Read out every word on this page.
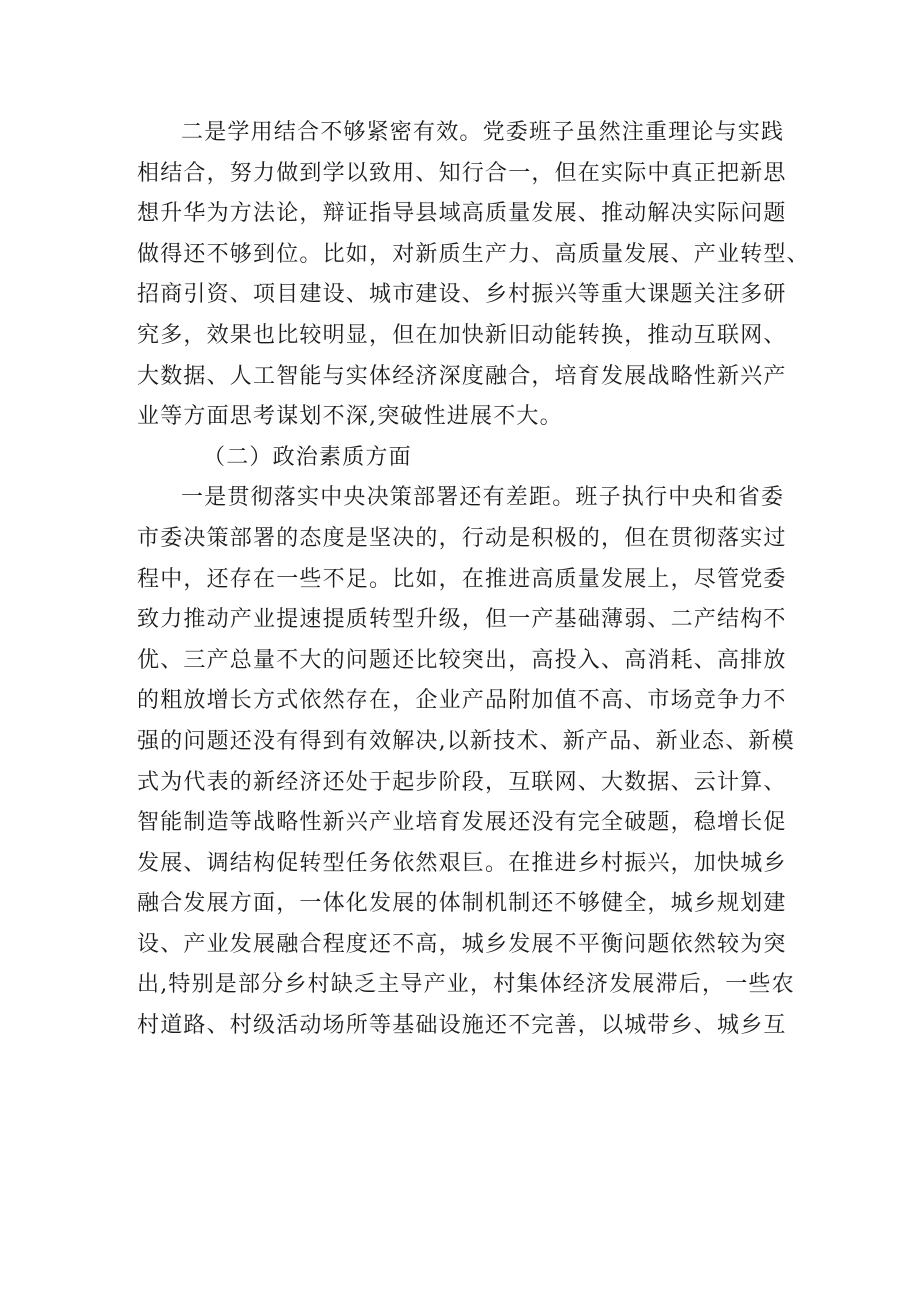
二是学用结合不够紧密有效。党委班子虽然注重理论与实践
相结合，努力做到学以致用、知行合一，但在实际中真正把新思
想升华为方法论，辩证指导县域高质量发展、推动解决实际问题
做得还不够到位。比如，对新质生产力、高质量发展、产业转型、
招商引资、项目建设、城市建设、乡村振兴等重大课题关注多研
究多，效果也比较明显，但在加快新旧动能转换，推动互联网、
大数据、人工智能与实体经济深度融合，培育发展战略性新兴产
业等方面思考谋划不深,突破性进展不大。
（二）政治素质方面
一是贯彻落实中央决策部署还有差距。班子执行中央和省委
市委决策部署的态度是坚决的，行动是积极的，但在贯彻落实过
程中，还存在一些不足。比如，在推进高质量发展上，尽管党委
致力推动产业提速提质转型升级，但一产基础薄弱、二产结构不
优、三产总量不大的问题还比较突出，高投入、高消耗、高排放
的粗放增长方式依然存在，企业产品附加值不高、市场竞争力不
强的问题还没有得到有效解决,以新技术、新产品、新业态、新模
式为代表的新经济还处于起步阶段，互联网、大数据、云计算、
智能制造等战略性新兴产业培育发展还没有完全破题，稳增长促
发展、调结构促转型任务依然艰巨。在推进乡村振兴，加快城乡
融合发展方面，一体化发展的体制机制还不够健全，城乡规划建
设、产业发展融合程度还不高，城乡发展不平衡问题依然较为突
出,特别是部分乡村缺乏主导产业，村集体经济发展滞后，一些农
村道路、村级活动场所等基础设施还不完善，以城带乡、城乡互
